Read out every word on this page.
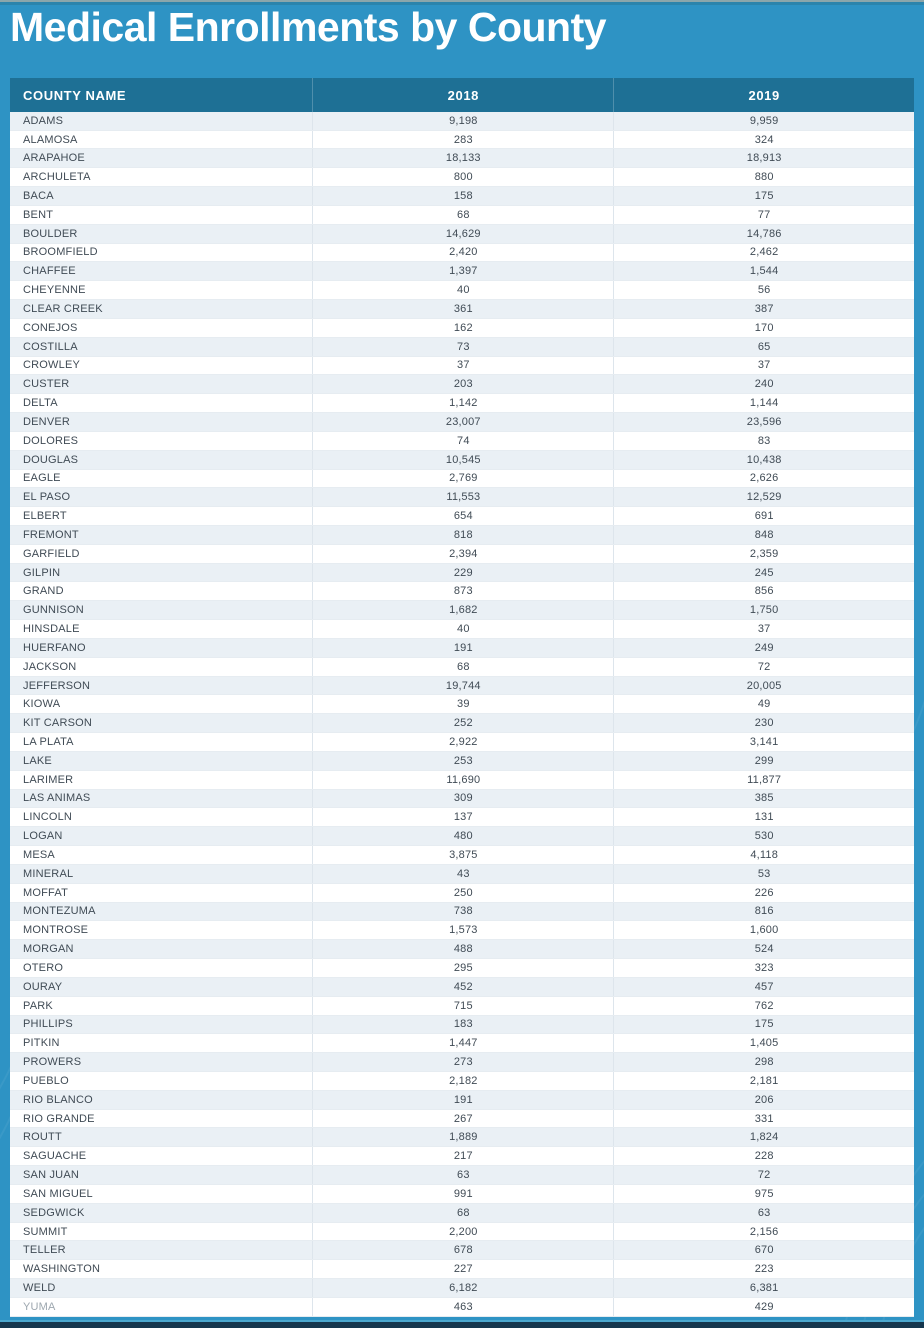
Medical Enrollments by County
COUNTY NAME	2018	2019
ADAMS	9,198	9,959
ALAMOSA	283	324
ARAPAHOE	18,133	18,913
ARCHULETA	800	880
BACA	158	175
BENT	68	77
BOULDER	14,629	14,786
BROOMFIELD	2,420	2,462
CHAFFEE	1,397	1,544
CHEYENNE	40	56
CLEAR CREEK	361	387
CONEJOS	162	170
COSTILLA	73	65
CROWLEY	37	37
CUSTER	203	240
DELTA	1,142	1,144
DENVER	23,007	23,596
DOLORES	74	83
DOUGLAS	10,545	10,438
EAGLE	2,769	2,626
EL PASO	11,553	12,529
ELBERT	654	691
FREMONT	818	848
GARFIELD	2,394	2,359
GILPIN	229	245
GRAND	873	856
GUNNISON	1,682	1,750
HINSDALE	40	37
HUERFANO	191	249
JACKSON	68	72
JEFFERSON	19,744	20,005
KIOWA	39	49
KIT CARSON	252	230
LA PLATA	2,922	3,141
LAKE	253	299
LARIMER	11,690	11,877
LAS ANIMAS	309	385
LINCOLN	137	131
LOGAN	480	530
MESA	3,875	4,118
MINERAL	43	53
MOFFAT	250	226
MONTEZUMA	738	816
MONTROSE	1,573	1,600
MORGAN	488	524
OTERO	295	323
OURAY	452	457
PARK	715	762
PHILLIPS	183	175
PITKIN	1,447	1,405
PROWERS	273	298
PUEBLO	2,182	2,181
RIO BLANCO	191	206
RIO GRANDE	267	331
ROUTT	1,889	1,824
SAGUACHE	217	228
SAN JUAN	63	72
SAN MIGUEL	991	975
SEDGWICK	68	63
SUMMIT	2,200	2,156
TELLER	678	670
WASHINGTON	227	223
WELD	6,182	6,381
YUMA	463	429
